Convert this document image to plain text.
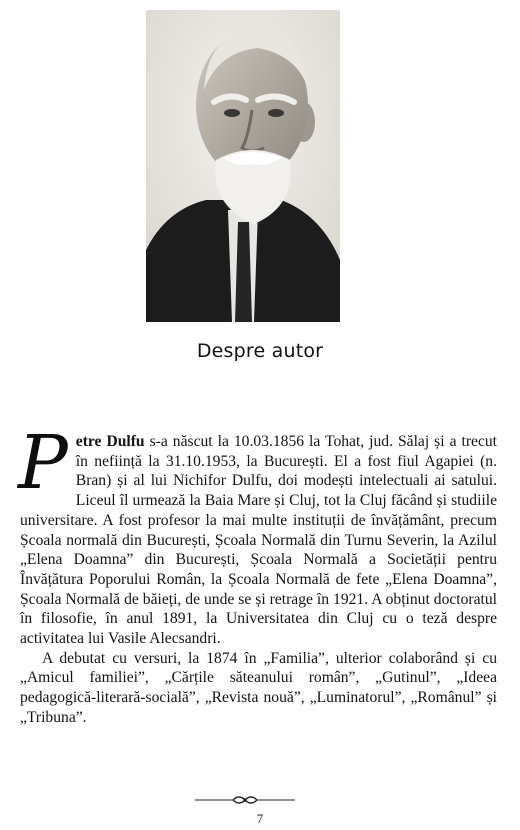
Despre autor

Petre Dulfu s-a născut la 10.03.1856 la Tohat, jud. Sălaj și a trecut în neființă la 31.10.1953, la București. El a fost fiul Agapiei (n. Bran) și al lui Nichifor Dulfu, doi modești intelectuali ai satului. Liceul îl urmează la Baia Mare și Cluj, tot la Cluj făcând și studiile universitare. A fost profesor la mai multe instituții de învățământ, precum Școala normală din București, Școala Normală din Turnu Severin, la Azilul „Elena Doamna” din București, Școala Normală a Societății pentru Învățătura Poporului Român, la Școala Normală de fete „Elena Doamna”, Școala Normală de băieți, de unde se și retrage în 1921. A obținut doctoratul în filosofie, în anul 1891, la Universitatea din Cluj cu o teză despre activitatea lui Vasile Alecsandri.

A debutat cu versuri, la 1874 în „Familia”, ulterior colaborând și cu „Amicul familiei”, „Cărțile săteanului român”, „Gutinul”, „Ideea pedagogică-literară-socială”, „Revista nouă”, „Luminatorul”, „Românul” și „Tribuna”.

7
